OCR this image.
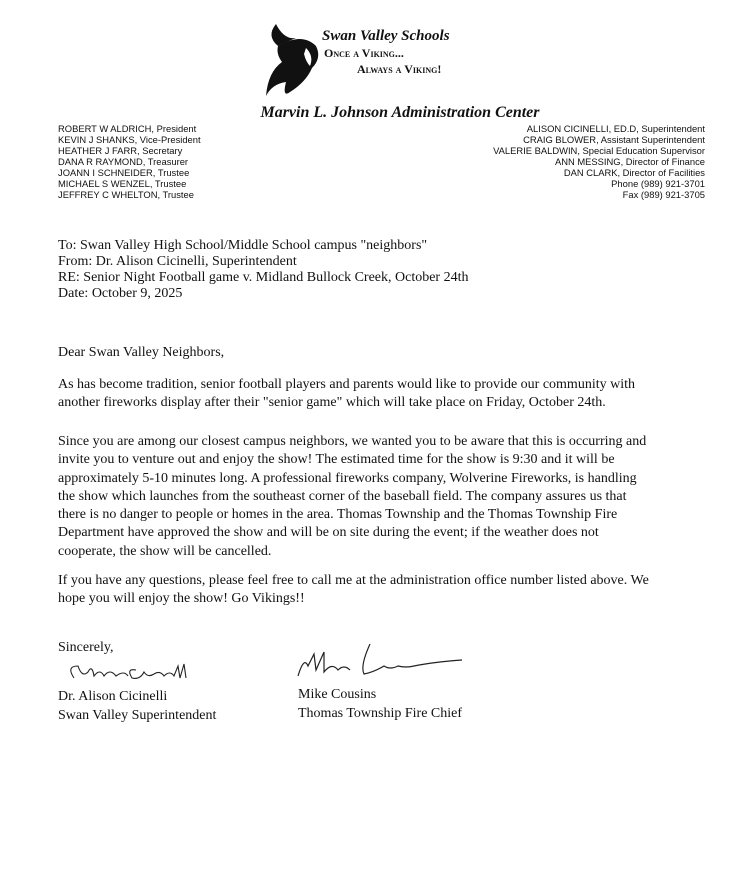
Swan Valley Schools
Once a Viking...
Always a Viking!
Marvin L. Johnson Administration Center
ROBERT W ALDRICH, President
KEVIN J SHANKS, Vice-President
HEATHER J FARR, Secretary
DANA R RAYMOND, Treasurer
JOANN I SCHNEIDER, Trustee
MICHAEL S WENZEL, Trustee
JEFFREY C WHELTON, Trustee
ALISON CICINELLI, ED.D, Superintendent
CRAIG BLOWER, Assistant Superintendent
VALERIE BALDWIN, Special Education Supervisor
ANN MESSING, Director of Finance
DAN CLARK, Director of Facilities
Phone (989) 921-3701
Fax (989) 921-3705
To: Swan Valley High School/Middle School campus "neighbors"
From: Dr. Alison Cicinelli, Superintendent
RE: Senior Night Football game v. Midland Bullock Creek, October 24th
Date: October 9, 2025
Dear Swan Valley Neighbors,
As has become tradition, senior football players and parents would like to provide our community with
another fireworks display after their "senior game" which will take place on Friday, October 24th.
Since you are among our closest campus neighbors, we wanted you to be aware that this is occurring and
invite you to venture out and enjoy the show! The estimated time for the show is 9:30 and it will be
approximately 5-10 minutes long. A professional fireworks company, Wolverine Fireworks, is handling
the show which launches from the southeast corner of the baseball field. The company assures us that
there is no danger to people or homes in the area. Thomas Township and the Thomas Township Fire
Department have approved the show and will be on site during the event; if the weather does not
cooperate, the show will be cancelled.
If you have any questions, please feel free to call me at the administration office number listed above. We
hope you will enjoy the show! Go Vikings!!
Sincerely,
Dr. Alison Cicinelli
Swan Valley Superintendent
Mike Cousins
Thomas Township Fire Chief
